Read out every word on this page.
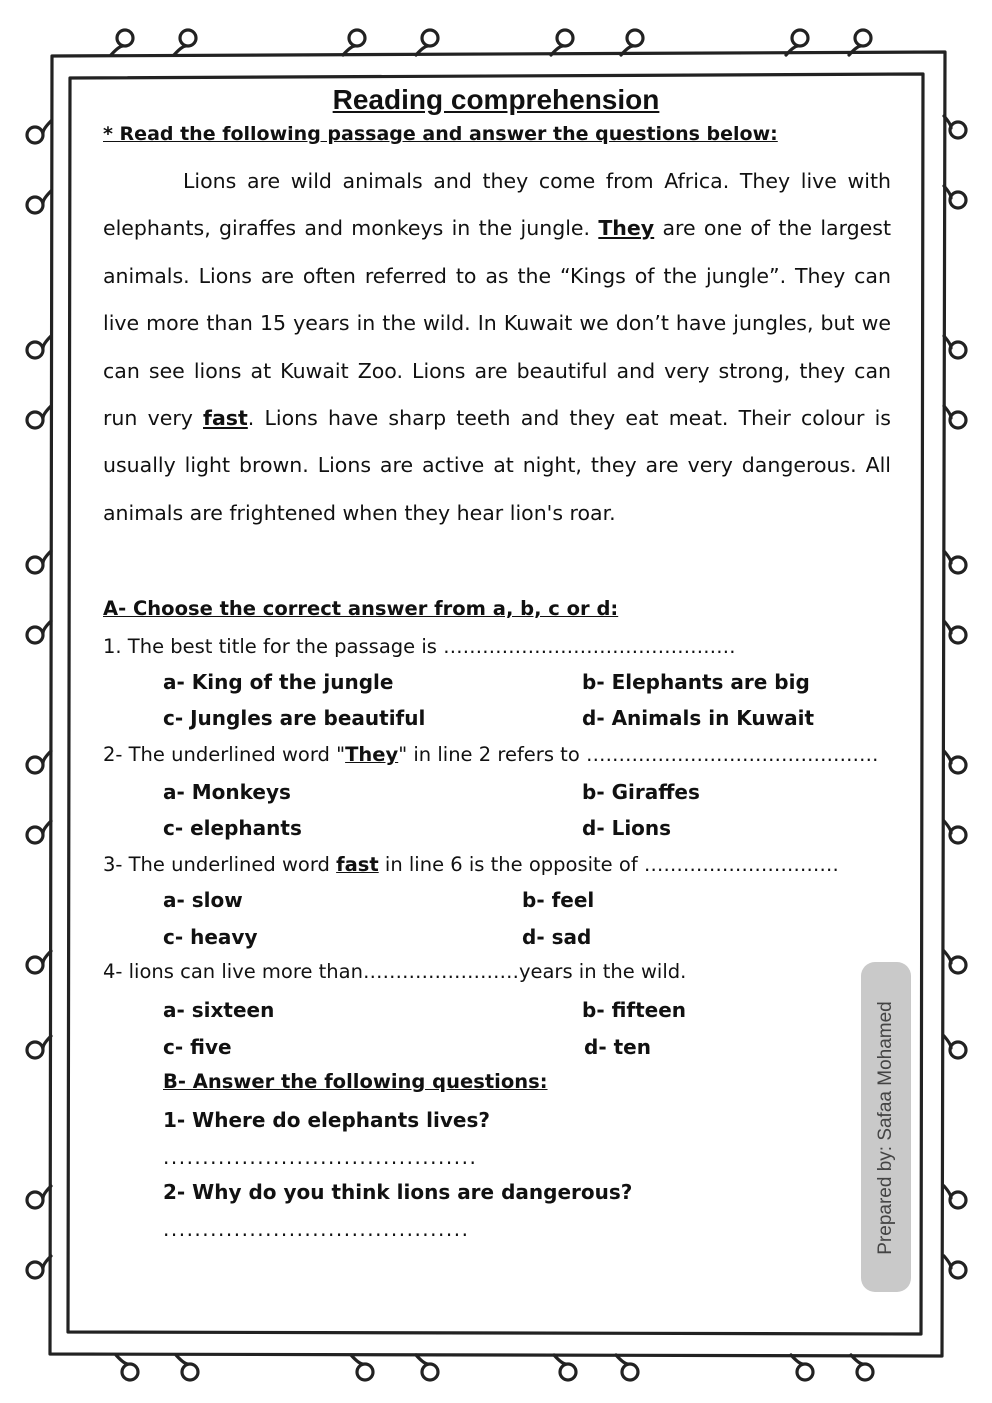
Reading comprehension
* Read the following passage and answer the questions below:

Lions are wild animals and they come from Africa. They live with elephants, giraffes and monkeys in the jungle. They are one of the largest animals. Lions are often referred to as the “Kings of the jungle”. They can live more than 15 years in the wild. In Kuwait we don’t have jungles, but we can see lions at Kuwait Zoo. Lions are beautiful and very strong, they can run very fast. Lions have sharp teeth and they eat meat. Their colour is usually light brown. Lions are active at night, they are very dangerous. All animals are frightened when they hear lion's roar.

A- Choose the correct answer from a, b, c or d:
1. The best title for the passage is ………………………………………
a- King of the jungle	b- Elephants are big
c- Jungles are beautiful	d- Animals in Kuwait
2- The underlined word "They" in line 2 refers to ………………………………………
a- Monkeys	b- Giraffes
c- elephants	d- Lions
3- The underlined word fast in line 6 is the opposite of …………………………
a- slow	b- feel
c- heavy	d- sad
4- lions can live more than……………………years in the wild.
a- sixteen	b- fifteen
c- five	d- ten
B- Answer the following questions:
1- Where do elephants lives?
........................................
2- Why do you think lions are dangerous?
.......................................	Prepared by: Safaa Mohamed
